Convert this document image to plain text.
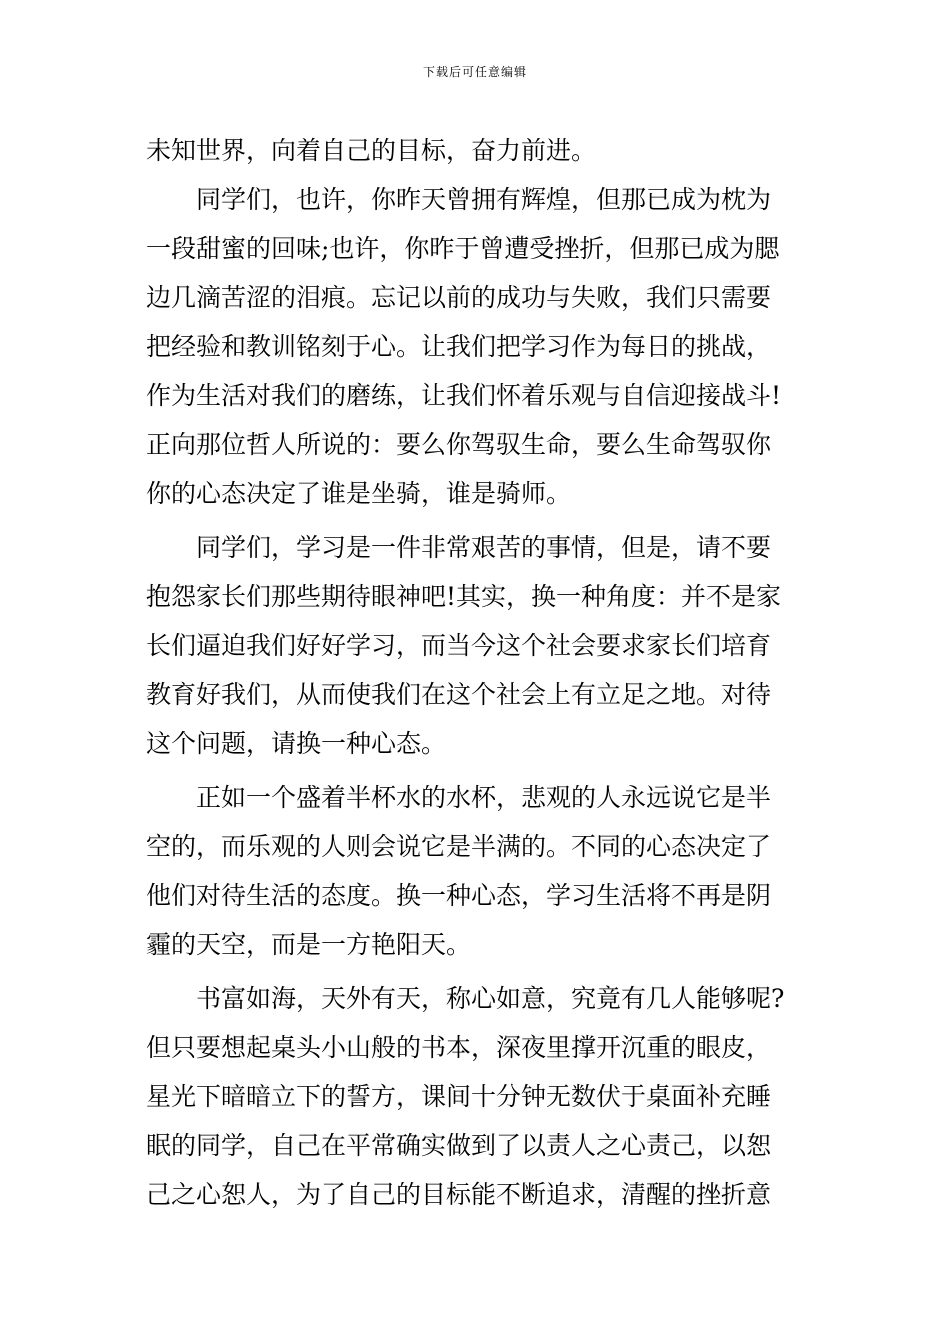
下载后可任意编辑
未知世界，向着自己的目标，奋力前进。
同学们，也许，你昨天曾拥有辉煌，但那已成为枕为
一段甜蜜的回味;也许，你昨于曾遭受挫折，但那已成为腮
边几滴苦涩的泪痕。忘记以前的成功与失败，我们只需要
把经验和教训铭刻于心。让我们把学习作为每日的挑战，
作为生活对我们的磨练，让我们怀着乐观与自信迎接战斗!
正向那位哲人所说的：要么你驾驭生命，要么生命驾驭你
你的心态决定了谁是坐骑，谁是骑师。
同学们，学习是一件非常艰苦的事情，但是，请不要
抱怨家长们那些期待眼神吧!其实，换一种角度：并不是家
长们逼迫我们好好学习，而当今这个社会要求家长们培育
教育好我们，从而使我们在这个社会上有立足之地。对待
这个问题，请换一种心态。
正如一个盛着半杯水的水杯，悲观的人永远说它是半
空的，而乐观的人则会说它是半满的。不同的心态决定了
他们对待生活的态度。换一种心态，学习生活将不再是阴
霾的天空，而是一方艳阳天。
书富如海，天外有天，称心如意，究竟有几人能够呢?
但只要想起桌头小山般的书本，深夜里撑开沉重的眼皮，
星光下暗暗立下的誓方，课间十分钟无数伏于桌面补充睡
眠的同学，自己在平常确实做到了以责人之心责己，以恕
己之心恕人，为了自己的目标能不断追求，清醒的挫折意
